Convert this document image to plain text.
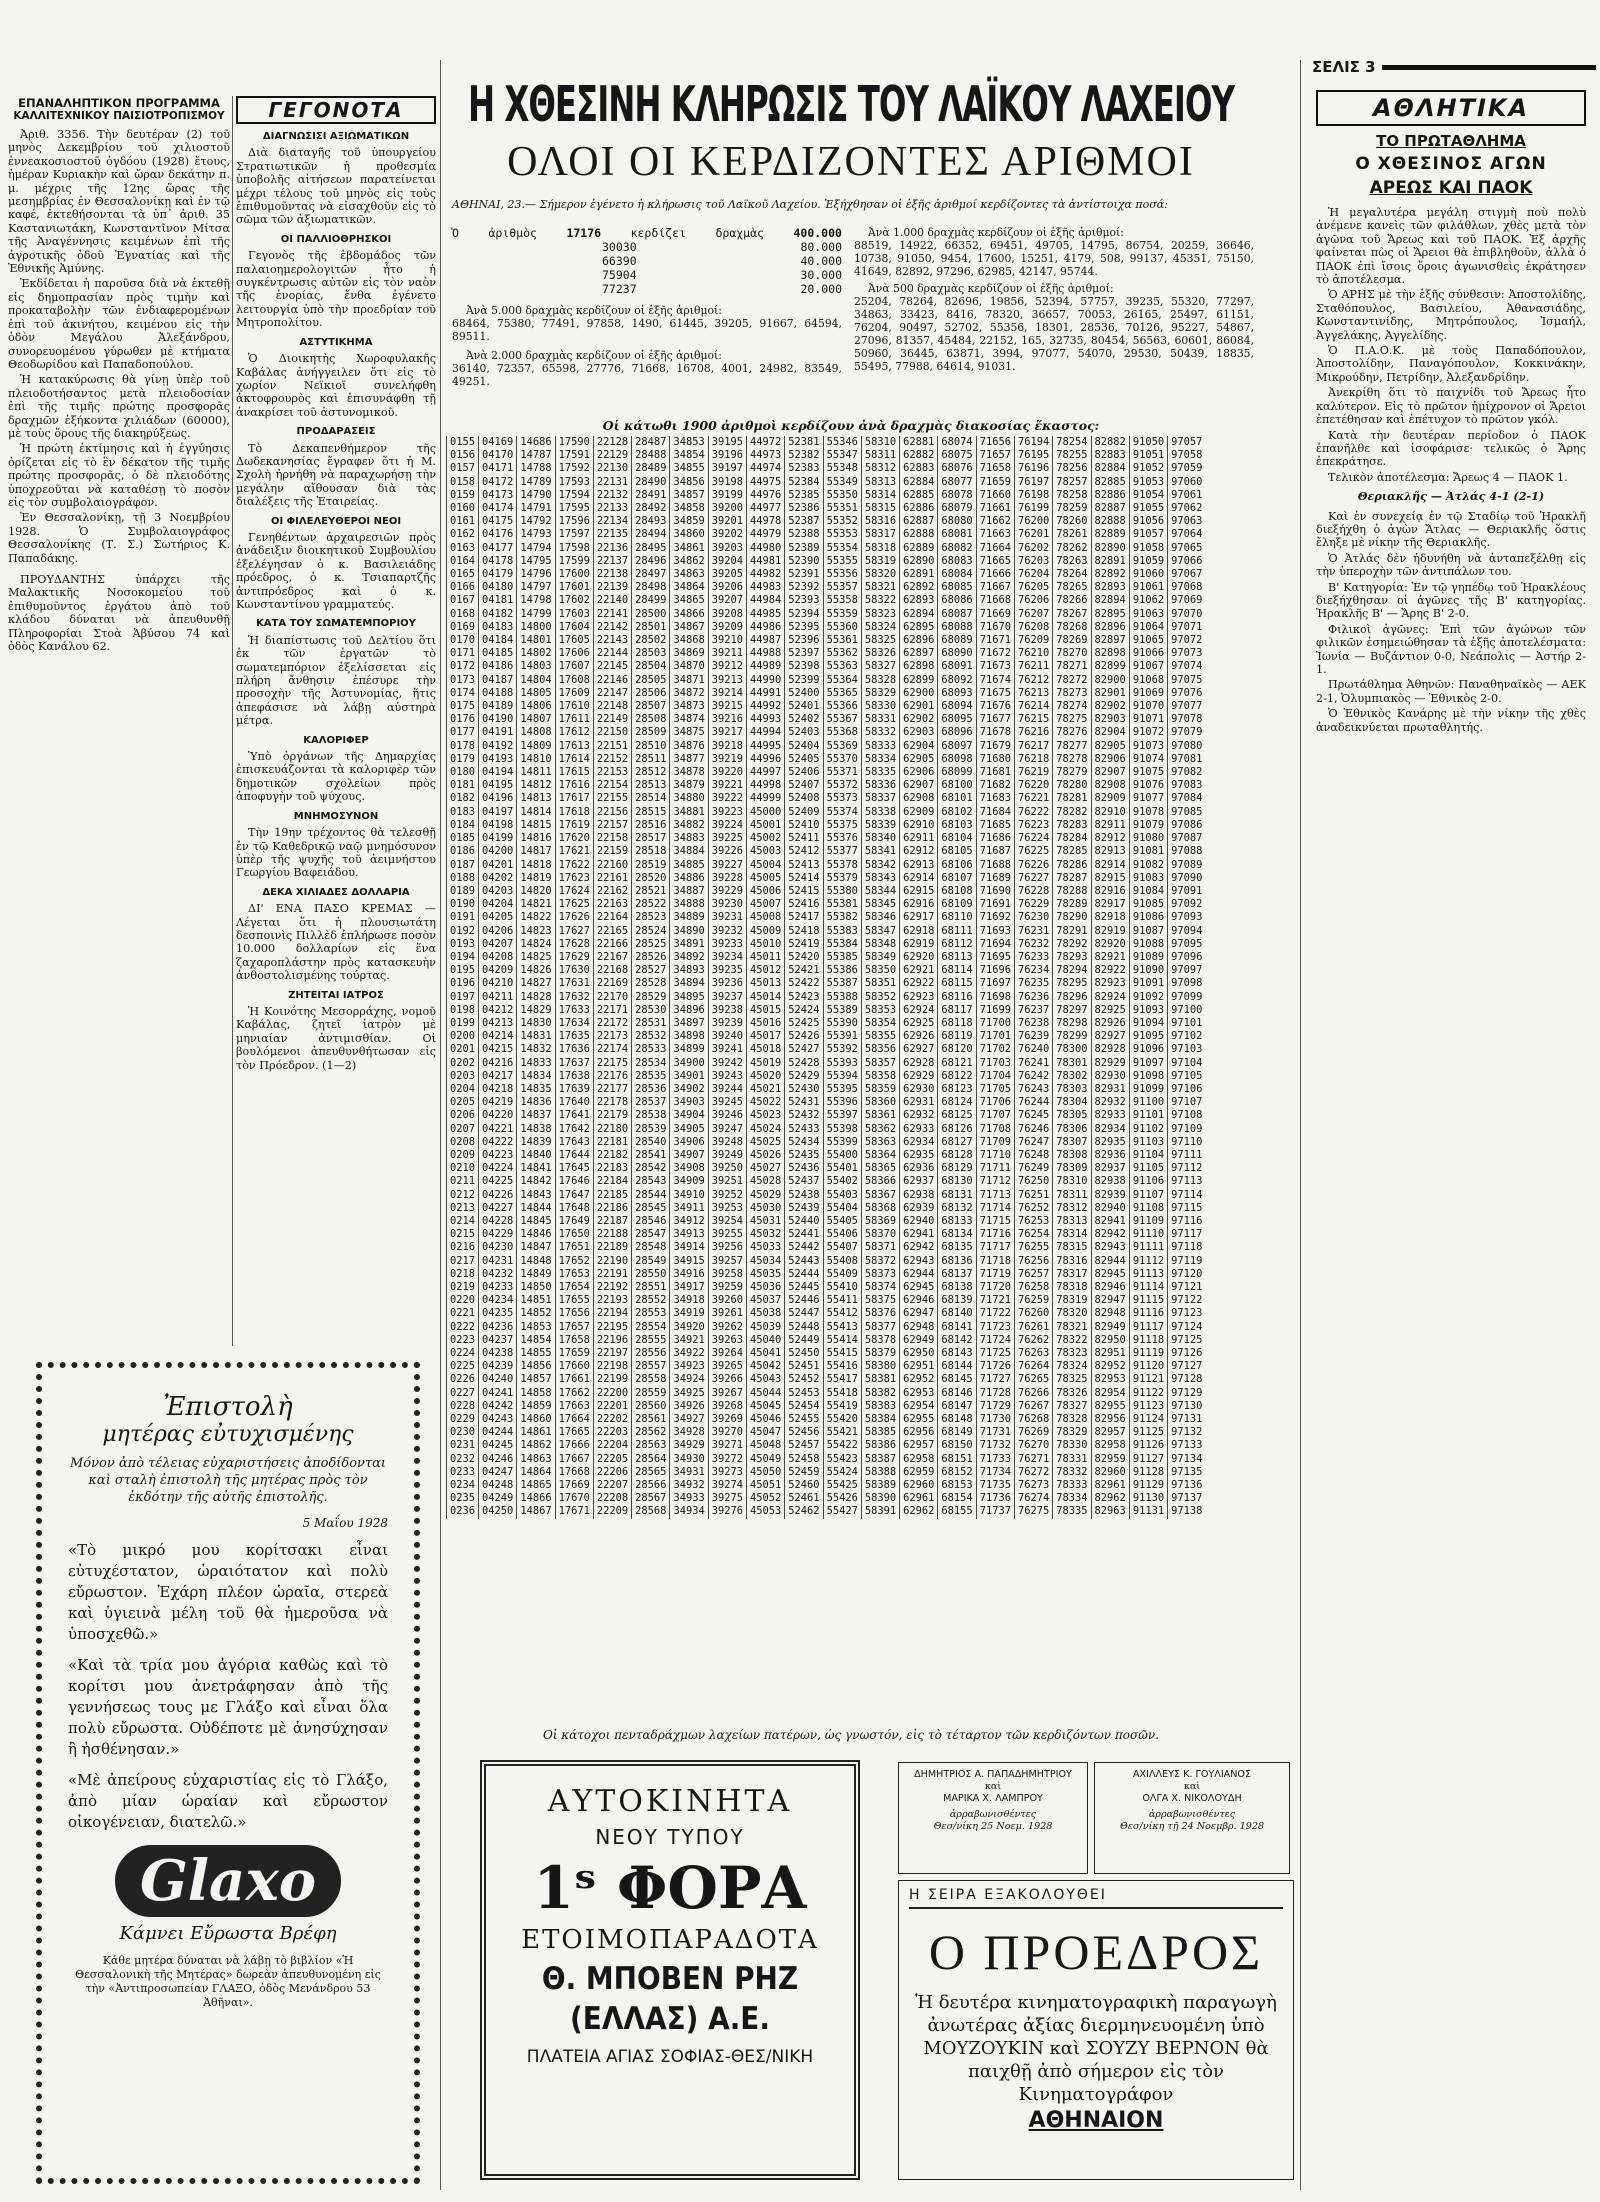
ΣΕΛΙΣ 3
ΕΠΑΝΑΛΗΠΤΙΚΟΝ ΠΡΟΓΡΑΜΜΑ
ΚΑΛΛΙΤΕΧΝΙΚΟΥ ΠΑΙΣΙΟΤΡΟΠΙΣΜΟΥ

Ἀριθ. 3356. Τὴν δευτέραν (2) τοῦ μηνὸς Δεκεμβρίου τοῦ χιλιοστοῦ ἐννεακοσιοστοῦ ὀγδόου (1928) ἔτους, ἡμέραν Κυριακὴν καὶ ὥραν δεκάτην π. μ. μέχρις τῆς 12ης ὥρας τῆς μεσημβρίας ἐν Θεσσαλονίκῃ καὶ ἐν τῷ καφέ, ἐκτεθήσονται τὰ ὑπ᾽ ἀριθ. 35 Καστανιωτάκη, Κωνσταντῖνον Μίτσα τῆς Ἀναγέννησις κειμένων ἐπὶ τῆς ἀγροτικῆς ὁδοῦ Ἐγνατίας καὶ τῆς Ἐθνικῆς Ἀμύνης.

Ἐκδίδεται ἡ παροῦσα διὰ νὰ ἐκτεθῇ εἰς δημοπρασίαν πρὸς τιμὴν καὶ προκαταβολὴν τῶν ἐνδιαφερομένων ἐπὶ τοῦ ἀκινήτου, κειμένου εἰς τὴν ὁδὸν Μεγάλου Ἀλεξάνδρου, συνορευομένου γύρωθεν μὲ κτήματα Θεοδωρίδου καὶ Παπαδοπούλου.

Ἡ κατακύρωσις θὰ γίνῃ ὑπὲρ τοῦ πλειοδοτήσαντος μετὰ πλειοδοσίαν ἐπὶ τῆς τιμῆς πρώτης προσφορᾶς δραχμῶν ἑξήκοντα χιλιάδων (60000), μὲ τοὺς ὅρους τῆς διακηρύξεως.

Ἡ πρώτη ἐκτίμησις καὶ ἡ ἐγγύησις ὁρίζεται εἰς τὸ ἓν δέκατον τῆς τιμῆς πρώτης προσφορᾶς, ὁ δὲ πλειοδότης ὑποχρεοῦται νὰ καταθέσῃ τὸ ποσὸν εἰς τὸν συμβολαιογράφον.

Ἐν Θεσσαλονίκῃ, τῇ 3 Νοεμβρίου 1928. Ὁ Συμβολαιογράφος Θεσσαλονίκης (Τ. Σ.) Σωτήριος Κ. Παπαδάκης.

ΠΡΟΥΔΑΝΤΗΣ ὑπάρχει τῆς Μαλακτικῆς Νοσοκομείου τοῦ ἐπιθυμοῦντος ἐργάτου ἀπὸ τοῦ κλάδου δύναται νὰ ἀπευθυνθῇ Πληροφορίαι Στοὰ Ἀβύσου 74 καὶ ὁδὸς Κανάλου 62.

ΓΕΓΟΝΟΤΑ
ΔΙΑΓΝΩΣΙΣΙ ΑΞΙΩΜΑΤΙΚΩΝ

Διὰ διαταγῆς τοῦ ὑπουργείου Στρατιωτικῶν ἡ προθεσμία ὑποβολῆς αἰτήσεων παρατείνεται μέχρι τέλους τοῦ μηνὸς εἰς τοὺς ἐπιθυμοῦντας νὰ εἰσαχθοῦν εἰς τὸ σῶμα τῶν ἀξιωματικῶν.

ΟΙ ΠΑΛΛΙΟΘΡΗΣΚΟΙ

Γεγονὸς τῆς ἑβδομάδος τῶν παλαιοημερολογιτῶν ἦτο ἡ συγκέντρωσις αὐτῶν εἰς τὸν ναὸν τῆς ἐνορίας, ἔνθα ἐγένετο λειτουργία ὑπὸ τὴν προεδρίαν τοῦ Μητροπολίτου.

ΑΣΤΥΤΙΚΗΜΑ

Ὁ Διοικητὴς Χωροφυλακῆς Καβάλας ἀνήγγειλεν ὅτι εἰς τὸ χωρίον Νεϊκιοϊ συνελήφθη ἀκτοφρουρὸς καὶ ἐπισυνάφθη τῇ ἀνακρίσει τοῦ ἀστυνομικοῦ.

ΠΡΟΔΑΡΑΣΕΙΣ

Τὸ Δεκαπενθήμερον τῆς Δωδεκανησίας ἔγραφεν ὅτι ἡ Μ. Σχολὴ ἠρνήθη νὰ παραχωρήσῃ τὴν μεγάλην αἴθουσαν διὰ τὰς διαλέξεις τῆς Ἑταιρείας.

ΟΙ ΦΙΛΕΛΕΥΘΕΡΟΙ ΝΕΟΙ

Γενηθέντων ἀρχαιρεσιῶν πρὸς ἀνάδειξιν διοικητικοῦ Συμβουλίου ἐξελέγησαν ὁ κ. Βασιλειάδης πρόεδρος, ὁ κ. Τσιαπαρτζῆς ἀντιπρόεδρος καὶ ὁ κ. Κωνσταντίνου γραμματεύς.

ΚΑΤΑ ΤΟΥ ΣΩΜΑΤΕΜΠΟΡΙΟΥ

Ἡ διαπίστωσις τοῦ Δελτίου ὅτι ἐκ τῶν ἐργατῶν τὸ σωματεμπόριον ἐξελίσσεται εἰς πλήρη ἄνθησιν ἐπέσυρε τὴν προσοχὴν τῆς Ἀστυνομίας, ἥτις ἀπεφάσισε νὰ λάβῃ αὐστηρὰ μέτρα.

ΚΑΛΟΡΙΦΕΡ

Ὑπὸ ὀργάνων τῆς Δημαρχίας ἐπισκευάζονται τὰ καλοριφὲρ τῶν δημοτικῶν σχολείων πρὸς ἀποφυγὴν τοῦ ψύχους.

ΜΝΗΜΟΣΥΝΟΝ

Τὴν 19ην τρέχοντος θὰ τελεσθῇ ἐν τῷ Καθεδρικῷ ναῷ μνημόσυνον ὑπὲρ τῆς ψυχῆς τοῦ ἀειμνήστου Γεωργίου Βαφειάδου.

ΔΕΚΑ ΧΙΛΙΑΔΕΣ ΔΟΛΛΑΡΙΑ

ΔΙ' ΕΝΑ ΠΑΣΟ ΚΡΕΜΑΣ — Λέγεται ὅτι ἡ πλουσιωτάτη δεσποινὶς Πιλλὲδ ἐπλήρωσε ποσὸν 10.000 δολλαρίων εἰς ἕνα ζαχαροπλάστην πρὸς κατασκευὴν ἀνθοστολισμένης τούρτας.

ΖΗΤΕΙΤΑΙ ΙΑΤΡΟΣ

Ἡ Κοινότης Μεσορράχης, νομοῦ Καβάλας, ζητεῖ ἰατρὸν μὲ μηνιαίαν ἀντιμισθίαν. Οἱ βουλόμενοι ἀπευθυνθήτωσαν εἰς τὸν Πρόεδρον. (1—2)

Ἐπιστολὴ
μητέρας εὐτυχισμένης
Μόνον ἀπὸ τέλειας εὐχαριστήσεις ἀποδίδονται καὶ σταλὴ ἐπιστολὴ τῆς μητέρας πρὸς τὸν ἐκδότην τῆς αὐτῆς ἐπιστολῆς.
5 Μαΐου 1928
«Τὸ μικρό μου κορίτσακι εἶναι εὐτυχέστατον, ὡραιότατον καὶ πολὺ εὔρωστον. Ἐχάρη πλέον ὡραῖα, στερεὰ καὶ ὑγιεινὰ μέλη τοῦ θὰ ἡμεροῦσα νὰ ὑποσχεθῶ.»
«Καὶ τὰ τρία μου ἀγόρια καθὼς καὶ τὸ κορίτσι μου ἀνετράφησαν ἀπὸ τῆς γεννήσεως τους με Γλάξο καὶ εἶναι ὅλα πολὺ εὔρωστα. Οὐδέποτε μὲ ἀνησύχησαν ἢ ἠσθένησαν.»
«Μὲ ἀπείρους εὐχαριστίας εἰς τὸ Γλάξο, ἀπὸ μίαν ὡραίαν καὶ εὔρωστον οἰκογένειαν, διατελῶ.»
Glaxo
Κάμνει Εὔρωστα Βρέφη
Κάθε μητέρα δύναται νὰ λάβῃ τὸ βιβλίον «Ἡ Θεσσαλονικὴ τῆς Μητέρας» δωρεὰν ἀπευθυνομένη εἰς τὴν «Ἀντιπροσωπείαν ΓΛΑΞΟ, ὁδὸς Μενάνδρου 53 Ἀθῆναι».
Η ΧΘΕΣΙΝΗ ΚΛΗΡΩΣΙΣ ΤΟΥ ΛΑΪΚΟΥ ΛΑΧΕΙΟΥ
ΟΛΟΙ ΟΙ ΚΕΡΔΙΖΟΝΤΕΣ ΑΡΙΘΜΟΙ
ΑΘΗΝΑΙ, 23.— Σήμερον ἐγένετο ἡ κλήρωσις τοῦ Λαϊκοῦ Λαχείου. Ἐξήχθησαν οἱ ἑξῆς ἀριθμοί κερδίζοντες τὰ ἀντίστοιχα ποσά:
Ὁ	ἀριθμὸς	17176	κερδίζει	δραχμὰς	400.000
30030	80.000
66390	40.000
75904	30.000
77237	20.000
Ἀνὰ 5.000 δραχμὰς κερδίζουν οἱ ἑξῆς ἀριθμοί:
68464, 75380, 77491, 97858, 1490, 61445, 39205, 91667, 64594, 89511.
Ἀνὰ 2.000 δραχμὰς κερδίζουν οἱ ἑξῆς ἀριθμοί:
36140, 72357, 65598, 27776, 71668, 16708, 4001, 24982, 83549, 49251.
Ἀνὰ 1.000 δραχμὰς κερδίζουν οἱ ἑξῆς ἀριθμοί:
88519, 14922, 66352, 69451, 49705, 14795, 86754, 20259, 36646, 10738, 91050, 9454, 17600, 15251, 4179, 508, 99137, 45351, 75150, 41649, 82892, 97296, 62985, 42147, 95744.
Ἀνὰ 500 δραχμὰς κερδίζουν οἱ ἑξῆς ἀριθμοί:
25204, 78264, 82696, 19856, 52394, 57757, 39235, 55320, 77297, 34863, 33423, 8416, 78320, 36657, 70053, 26165, 25497, 61151, 76204, 90497, 52702, 55356, 18301, 28536, 70126, 95227, 54867, 27096, 81357, 45484, 22152, 165, 32735, 80454, 56563, 60601, 86084, 50960, 36445, 63871, 3994, 97077, 54070, 29530, 50439, 18835, 55495, 77988, 64614, 91031.
Οἱ κάτωθι 1900 ἀριθμοὶ κερδίζουν ἀνὰ δραχμὰς διακοσίας ἕκαστος:
0155	04169	14686	17590	22128	28487	34853	39195	44972	52381	55346	58310	62881	68074	71656	76194	78254	82882	91050	97057
0156	04170	14787	17591	22129	28488	34854	39196	44973	52382	55347	58311	62882	68075	71657	76195	78255	82883	91051	97058
0157	04171	14788	17592	22130	28489	34855	39197	44974	52383	55348	58312	62883	68076	71658	76196	78256	82884	91052	97059
0158	04172	14789	17593	22131	28490	34856	39198	44975	52384	55349	58313	62884	68077	71659	76197	78257	82885	91053	97060
0159	04173	14790	17594	22132	28491	34857	39199	44976	52385	55350	58314	62885	68078	71660	76198	78258	82886	91054	97061
0160	04174	14791	17595	22133	28492	34858	39200	44977	52386	55351	58315	62886	68079	71661	76199	78259	82887	91055	97062
0161	04175	14792	17596	22134	28493	34859	39201	44978	52387	55352	58316	62887	68080	71662	76200	78260	82888	91056	97063
0162	04176	14793	17597	22135	28494	34860	39202	44979	52388	55353	58317	62888	68081	71663	76201	78261	82889	91057	97064
0163	04177	14794	17598	22136	28495	34861	39203	44980	52389	55354	58318	62889	68082	71664	76202	78262	82890	91058	97065
0164	04178	14795	17599	22137	28496	34862	39204	44981	52390	55355	58319	62890	68083	71665	76203	78263	82891	91059	97066
0165	04179	14796	17600	22138	28497	34863	39205	44982	52391	55356	58320	62891	68084	71666	76204	78264	82892	91060	97067
0166	04180	14797	17601	22139	28498	34864	39206	44983	52392	55357	58321	62892	68085	71667	76205	78265	82893	91061	97068
0167	04181	14798	17602	22140	28499	34865	39207	44984	52393	55358	58322	62893	68086	71668	76206	78266	82894	91062	97069
0168	04182	14799	17603	22141	28500	34866	39208	44985	52394	55359	58323	62894	68087	71669	76207	78267	82895	91063	97070
0169	04183	14800	17604	22142	28501	34867	39209	44986	52395	55360	58324	62895	68088	71670	76208	78268	82896	91064	97071
0170	04184	14801	17605	22143	28502	34868	39210	44987	52396	55361	58325	62896	68089	71671	76209	78269	82897	91065	97072
0171	04185	14802	17606	22144	28503	34869	39211	44988	52397	55362	58326	62897	68090	71672	76210	78270	82898	91066	97073
0172	04186	14803	17607	22145	28504	34870	39212	44989	52398	55363	58327	62898	68091	71673	76211	78271	82899	91067	97074
0173	04187	14804	17608	22146	28505	34871	39213	44990	52399	55364	58328	62899	68092	71674	76212	78272	82900	91068	97075
0174	04188	14805	17609	22147	28506	34872	39214	44991	52400	55365	58329	62900	68093	71675	76213	78273	82901	91069	97076
0175	04189	14806	17610	22148	28507	34873	39215	44992	52401	55366	58330	62901	68094	71676	76214	78274	82902	91070	97077
0176	04190	14807	17611	22149	28508	34874	39216	44993	52402	55367	58331	62902	68095	71677	76215	78275	82903	91071	97078
0177	04191	14808	17612	22150	28509	34875	39217	44994	52403	55368	58332	62903	68096	71678	76216	78276	82904	91072	97079
0178	04192	14809	17613	22151	28510	34876	39218	44995	52404	55369	58333	62904	68097	71679	76217	78277	82905	91073	97080
0179	04193	14810	17614	22152	28511	34877	39219	44996	52405	55370	58334	62905	68098	71680	76218	78278	82906	91074	97081
0180	04194	14811	17615	22153	28512	34878	39220	44997	52406	55371	58335	62906	68099	71681	76219	78279	82907	91075	97082
0181	04195	14812	17616	22154	28513	34879	39221	44998	52407	55372	58336	62907	68100	71682	76220	78280	82908	91076	97083
0182	04196	14813	17617	22155	28514	34880	39222	44999	52408	55373	58337	62908	68101	71683	76221	78281	82909	91077	97084
0183	04197	14814	17618	22156	28515	34881	39223	45000	52409	55374	58338	62909	68102	71684	76222	78282	82910	91078	97085
0184	04198	14815	17619	22157	28516	34882	39224	45001	52410	55375	58339	62910	68103	71685	76223	78283	82911	91079	97086
0185	04199	14816	17620	22158	28517	34883	39225	45002	52411	55376	58340	62911	68104	71686	76224	78284	82912	91080	97087
0186	04200	14817	17621	22159	28518	34884	39226	45003	52412	55377	58341	62912	68105	71687	76225	78285	82913	91081	97088
0187	04201	14818	17622	22160	28519	34885	39227	45004	52413	55378	58342	62913	68106	71688	76226	78286	82914	91082	97089
0188	04202	14819	17623	22161	28520	34886	39228	45005	52414	55379	58343	62914	68107	71689	76227	78287	82915	91083	97090
0189	04203	14820	17624	22162	28521	34887	39229	45006	52415	55380	58344	62915	68108	71690	76228	78288	82916	91084	97091
0190	04204	14821	17625	22163	28522	34888	39230	45007	52416	55381	58345	62916	68109	71691	76229	78289	82917	91085	97092
0191	04205	14822	17626	22164	28523	34889	39231	45008	52417	55382	58346	62917	68110	71692	76230	78290	82918	91086	97093
0192	04206	14823	17627	22165	28524	34890	39232	45009	52418	55383	58347	62918	68111	71693	76231	78291	82919	91087	97094
0193	04207	14824	17628	22166	28525	34891	39233	45010	52419	55384	58348	62919	68112	71694	76232	78292	82920	91088	97095
0194	04208	14825	17629	22167	28526	34892	39234	45011	52420	55385	58349	62920	68113	71695	76233	78293	82921	91089	97096
0195	04209	14826	17630	22168	28527	34893	39235	45012	52421	55386	58350	62921	68114	71696	76234	78294	82922	91090	97097
0196	04210	14827	17631	22169	28528	34894	39236	45013	52422	55387	58351	62922	68115	71697	76235	78295	82923	91091	97098
0197	04211	14828	17632	22170	28529	34895	39237	45014	52423	55388	58352	62923	68116	71698	76236	78296	82924	91092	97099
0198	04212	14829	17633	22171	28530	34896	39238	45015	52424	55389	58353	62924	68117	71699	76237	78297	82925	91093	97100
0199	04213	14830	17634	22172	28531	34897	39239	45016	52425	55390	58354	62925	68118	71700	76238	78298	82926	91094	97101
0200	04214	14831	17635	22173	28532	34898	39240	45017	52426	55391	58355	62926	68119	71701	76239	78299	82927	91095	97102
0201	04215	14832	17636	22174	28533	34899	39241	45018	52427	55392	58356	62927	68120	71702	76240	78300	82928	91096	97103
0202	04216	14833	17637	22175	28534	34900	39242	45019	52428	55393	58357	62928	68121	71703	76241	78301	82929	91097	97104
0203	04217	14834	17638	22176	28535	34901	39243	45020	52429	55394	58358	62929	68122	71704	76242	78302	82930	91098	97105
0204	04218	14835	17639	22177	28536	34902	39244	45021	52430	55395	58359	62930	68123	71705	76243	78303	82931	91099	97106
0205	04219	14836	17640	22178	28537	34903	39245	45022	52431	55396	58360	62931	68124	71706	76244	78304	82932	91100	97107
0206	04220	14837	17641	22179	28538	34904	39246	45023	52432	55397	58361	62932	68125	71707	76245	78305	82933	91101	97108
0207	04221	14838	17642	22180	28539	34905	39247	45024	52433	55398	58362	62933	68126	71708	76246	78306	82934	91102	97109
0208	04222	14839	17643	22181	28540	34906	39248	45025	52434	55399	58363	62934	68127	71709	76247	78307	82935	91103	97110
0209	04223	14840	17644	22182	28541	34907	39249	45026	52435	55400	58364	62935	68128	71710	76248	78308	82936	91104	97111
0210	04224	14841	17645	22183	28542	34908	39250	45027	52436	55401	58365	62936	68129	71711	76249	78309	82937	91105	97112
0211	04225	14842	17646	22184	28543	34909	39251	45028	52437	55402	58366	62937	68130	71712	76250	78310	82938	91106	97113
0212	04226	14843	17647	22185	28544	34910	39252	45029	52438	55403	58367	62938	68131	71713	76251	78311	82939	91107	97114
0213	04227	14844	17648	22186	28545	34911	39253	45030	52439	55404	58368	62939	68132	71714	76252	78312	82940	91108	97115
0214	04228	14845	17649	22187	28546	34912	39254	45031	52440	55405	58369	62940	68133	71715	76253	78313	82941	91109	97116
0215	04229	14846	17650	22188	28547	34913	39255	45032	52441	55406	58370	62941	68134	71716	76254	78314	82942	91110	97117
0216	04230	14847	17651	22189	28548	34914	39256	45033	52442	55407	58371	62942	68135	71717	76255	78315	82943	91111	97118
0217	04231	14848	17652	22190	28549	34915	39257	45034	52443	55408	58372	62943	68136	71718	76256	78316	82944	91112	97119
0218	04232	14849	17653	22191	28550	34916	39258	45035	52444	55409	58373	62944	68137	71719	76257	78317	82945	91113	97120
0219	04233	14850	17654	22192	28551	34917	39259	45036	52445	55410	58374	62945	68138	71720	76258	78318	82946	91114	97121
0220	04234	14851	17655	22193	28552	34918	39260	45037	52446	55411	58375	62946	68139	71721	76259	78319	82947	91115	97122
0221	04235	14852	17656	22194	28553	34919	39261	45038	52447	55412	58376	62947	68140	71722	76260	78320	82948	91116	97123
0222	04236	14853	17657	22195	28554	34920	39262	45039	52448	55413	58377	62948	68141	71723	76261	78321	82949	91117	97124
0223	04237	14854	17658	22196	28555	34921	39263	45040	52449	55414	58378	62949	68142	71724	76262	78322	82950	91118	97125
0224	04238	14855	17659	22197	28556	34922	39264	45041	52450	55415	58379	62950	68143	71725	76263	78323	82951	91119	97126
0225	04239	14856	17660	22198	28557	34923	39265	45042	52451	55416	58380	62951	68144	71726	76264	78324	82952	91120	97127
0226	04240	14857	17661	22199	28558	34924	39266	45043	52452	55417	58381	62952	68145	71727	76265	78325	82953	91121	97128
0227	04241	14858	17662	22200	28559	34925	39267	45044	52453	55418	58382	62953	68146	71728	76266	78326	82954	91122	97129
0228	04242	14859	17663	22201	28560	34926	39268	45045	52454	55419	58383	62954	68147	71729	76267	78327	82955	91123	97130
0229	04243	14860	17664	22202	28561	34927	39269	45046	52455	55420	58384	62955	68148	71730	76268	78328	82956	91124	97131
0230	04244	14861	17665	22203	28562	34928	39270	45047	52456	55421	58385	62956	68149	71731	76269	78329	82957	91125	97132
0231	04245	14862	17666	22204	28563	34929	39271	45048	52457	55422	58386	62957	68150	71732	76270	78330	82958	91126	97133
0232	04246	14863	17667	22205	28564	34930	39272	45049	52458	55423	58387	62958	68151	71733	76271	78331	82959	91127	97134
0233	04247	14864	17668	22206	28565	34931	39273	45050	52459	55424	58388	62959	68152	71734	76272	78332	82960	91128	97135
0234	04248	14865	17669	22207	28566	34932	39274	45051	52460	55425	58389	62960	68153	71735	76273	78333	82961	91129	97136
0235	04249	14866	17670	22208	28567	34933	39275	45052	52461	55426	58390	62961	68154	71736	76274	78334	82962	91130	97137
0236	04250	14867	17671	22209	28568	34934	39276	45053	52462	55427	58391	62962	68155	71737	76275	78335	82963	91131	97138
Οἱ κάτοχοι πενταδράχμων λαχείων πατέρων, ὡς γνωστόν, εἰς τὸ τέταρτον τῶν κερδιζόντων ποσῶν.
ΑΥΤΟΚΙΝΗΤΑ
ΝΕΟΥ ΤΥΠΟΥ
1ˢ ΦΟΡΑ
ΕΤΟΙΜΟΠΑΡΑΔΟΤΑ
Θ. ΜΠΟΒΕΝ ΡΗΖ (ΕΛΛΑΣ) Α.Ε.
ΠΛΑΤΕΙΑ ΑΓΙΑΣ ΣΟΦΙΑΣ-ΘΕΣ/ΝΙΚΗ
ΔΗΜΗΤΡΙΟΣ Α. ΠΑΠΑΔΗΜΗΤΡΙΟΥ
καὶ
ΜΑΡΙΚΑ Χ. ΛΑΜΠΡΟΥ
ἀρραβωνισθέντες
Θεσ/νίκη 25 Νοεμ. 1928
ΑΧΙΛΛΕΥΣ Κ. ΓΟΥΛΙΑΝΟΣ
καὶ
ΟΛΓΑ Χ. ΝΙΚΟΛΟΥΔΗ
ἀρραβωνισθέντες
Θεσ/νίκη τῇ 24 Νοεμβρ. 1928
Η ΣΕΙΡΑ ΕΞΑΚΟΛΟΥΘΕΙ
Ο ΠΡΟΕΔΡΟΣ
Ἡ δευτέρα κινηματογραφικὴ παραγωγὴ ἀνωτέρας ἀξίας διερμηνευομένη ὑπὸ ΜΟΥΖΟΥΚΙΝ καὶ ΣΟΥΖΥ ΒΕΡΝΟΝ θὰ παιχθῇ ἀπὸ σήμερον εἰς τὸν Κινηματογράφον
ΑΘΗΝΑΙΟΝ
ΑΘΛΗΤΙΚΑ
ΤΟ ΠΡΩΤΑΘΛΗΜΑ
Ο ΧΘΕΣΙΝΟΣ ΑΓΩΝ
ΑΡΕΩΣ ΚΑΙ ΠΑΟΚ

Ἡ μεγαλυτέρα μεγάλη στιγμὴ ποὺ πολὺ ἀνέμενε κανεὶς τῶν φιλάθλων, χθὲς μετὰ τὸν ἀγῶνα τοῦ Ἄρεως καὶ τοῦ ΠΑΟΚ. Ἐξ ἀρχῆς φαίνεται πὼς οἱ Ἄρειοι θὰ ἐπιβληθοῦν, ἀλλὰ ὁ ΠΑΟΚ ἐπὶ ἴσοις ὅροις ἀγωνισθεὶς ἐκράτησεν τὸ ἀποτέλεσμα.

Ὁ ΑΡΗΣ μὲ τὴν ἑξῆς σύνθεσιν: Ἀποστολίδης, Σταθόπουλος, Βασιλείου, Ἀθανασιάδης, Κωνσταντινίδης, Μητρόπουλος, Ἰσμαήλ, Ἀγγελάκης, Ἀγγελίδης.

Ὁ Π.Α.Ο.Κ. μὲ τοὺς Παπαδόπουλον, Ἀποστολίδην, Παναγόπουλον, Κοκκινάκην, Μικρούδην, Πετρίδην, Ἀλεξανδρίδην.

Ἀνεκρίθη ὅτι τὸ παιχνίδι τοῦ Ἄρεως ἦτο καλύτερον. Εἰς τὸ πρῶτον ἡμίχρονον οἱ Ἄρειοι ἐπετέθησαν καὶ ἐπέτυχον τὸ πρῶτον γκόλ.

Κατὰ τὴν δευτέραν περίοδον ὁ ΠΑΟΚ ἐπανῆλθε καὶ ἰσοφάρισε· τελικῶς ὁ Ἄρης ἐπεκράτησε.

Τελικὸν ἀποτέλεσμα: Ἄρεως 4 — ΠΑΟΚ 1.

Θεριακλῆς — Ἀτλάς 4-1 (2-1)

Καὶ ἐν συνεχείᾳ ἐν τῷ Σταδίῳ τοῦ Ἡρακλῆ διεξήχθη ὁ ἀγὼν Ἄτλας — Θεριακλῆς ὅστις ἔληξε μὲ νίκην τῆς Θεριακλῆς.

Ὁ Ἀτλάς δὲν ἠδυνήθη νὰ ἀνταπεξέλθῃ εἰς τὴν ὑπεροχὴν τῶν ἀντιπάλων του.

Β' Κατηγορία: Ἐν τῷ γηπέδῳ τοῦ Ἡρακλέους διεξήχθησαν οἱ ἀγῶνες τῆς Β' κατηγορίας. Ἡρακλῆς Β' — Ἄρης Β' 2-0.

Φιλικοὶ ἀγῶνες: Ἐπὶ τῶν ἀγώνων τῶν φιλικῶν ἐσημειώθησαν τὰ ἑξῆς ἀποτελέσματα: Ἰωνία — Βυζάντιον 0-0, Νεάπολις — Ἀστήρ 2-1.

Πρωτάθλημα Ἀθηνῶν: Παναθηναϊκὸς — ΑΕΚ 2-1, Ὀλυμπιακὸς — Ἐθνικὸς 2-0.

Ὁ Ἐθνικὸς Κανάρης μὲ τὴν νίκην τῆς χθὲς ἀναδεικνύεται πρωταθλητής.
